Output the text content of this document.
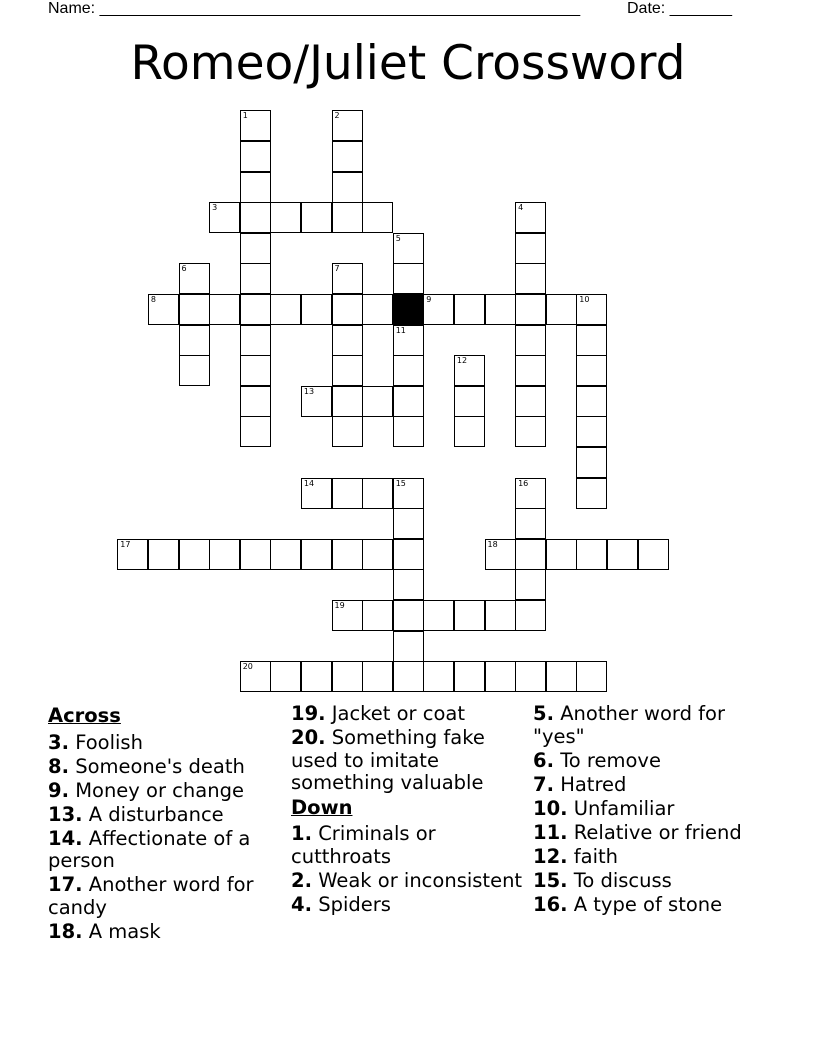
Name: ______________________________________________________	Date: _______
Romeo/Juliet Crossword
1	2
3	4
5
6	7
8	9	10
11
12
13
14	15	16
17	18
19
20
Across
3. Foolish
8. Someone's death
9. Money or change
13. A disturbance
14. Affectionate of a person
17. Another word for candy
18. A mask
19. Jacket or coat
20. Something fake used to imitate something valuable
Down
1. Criminals or cutthroats
2. Weak or inconsistent
4. Spiders
5. Another word for "yes"
6. To remove
7. Hatred
10. Unfamiliar
11. Relative or friend
12. faith
15. To discuss
16. A type of stone
